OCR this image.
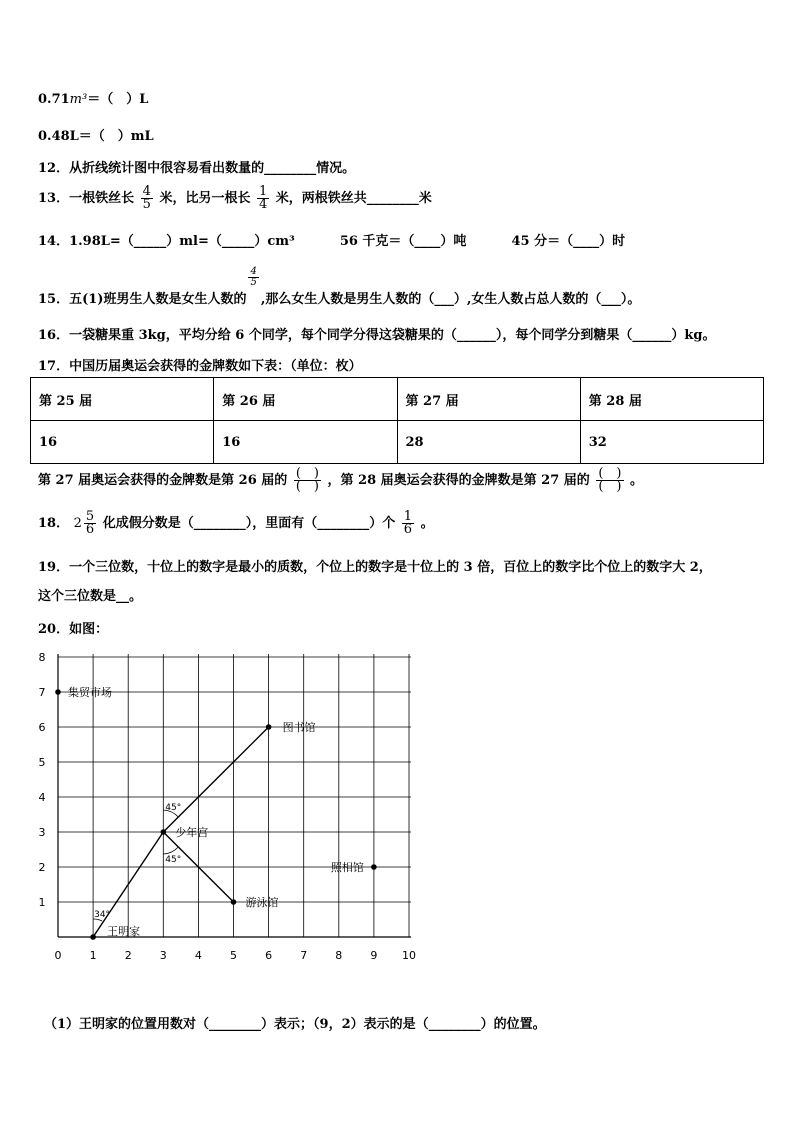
0.71m³＝（　）L
0.48L＝（　）mL
12．从折线统计图中很容易看出数量的________情况。
13．一根铁丝长 $\frac{4}{5}$ 米，比另一根长 $\frac{1}{4}$ 米，两根铁丝共________米
14．1.98L=（_____）ml=（_____）cm³	56 千克＝（____）吨	45 分＝（____）时
15．五(1)班男生人数是女生人数的
$\frac{4}{5}$
,那么女生人数是男生人数的（___）,女生人数占总人数的（___）。
16．一袋糖果重 3kg，平均分给 6 个同学，每个同学分得这袋糖果的（______），每个同学分到糖果（______）kg。
17．中国历届奥运会获得的金牌数如下表：（单位：枚）
第 25 届	第 26 届	第 27 届	第 28 届
16	16	28	32
第 27 届奥运会获得的金牌数是第 26 届的 $\frac{( )}{( )}$ ，第 28 届奥运会获得的金牌数是第 27 届的 $\frac{( )}{( )}$ 。
18． $2 \frac{5}{6}$ 化成假分数是（________），里面有（________）个 $\frac{1}{6}$ 。
19．一个三位数，十位上的数字是最小的质数，个位上的数字是十位上的 3 倍，百位上的数字比个位上的数字大 2，
这个三位数是__。
20．如图：
集贸市场
图书馆
少年宫
照相馆
游泳馆
王明家
0	1	2	3	4	5	6	7	8	9 10
1
2
3
4
5
6
7
8
45°
45°
34°
（1）王明家的位置用数对（________）表示；（9，2）表示的是（________）的位置。
